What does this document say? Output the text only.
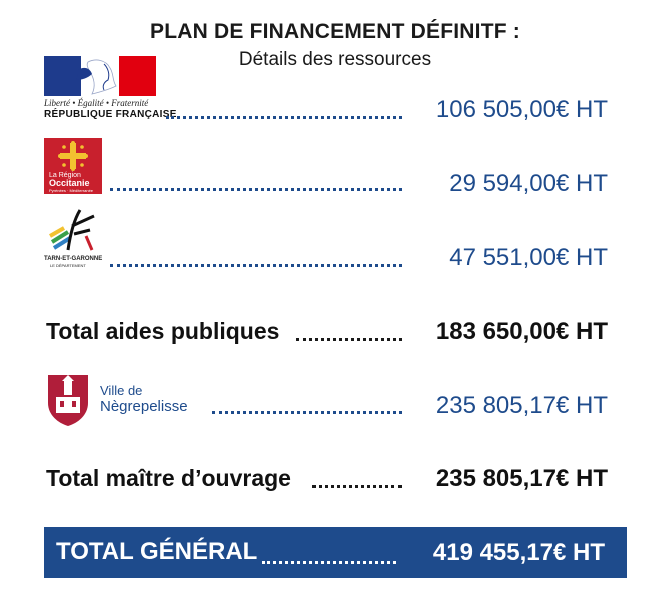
PLAN DE FINANCEMENT DÉFINITF :
Détails des ressources
Liberté • Égalité • Fraternité
RÉPUBLIQUE FRANÇAISE	106 505,00€ HT
La Région
Occitanie
Pyrénées · Méditerranée	29 594,00€ HT
TARN-ET-GARONNE
LE DÉPARTEMENT	47 551,00€ HT
Total aides publiques	183 650,00€ HT
Ville de
Nègrepelisse	235 805,17€ HT
Total maître d’ouvrage	235 805,17€ HT
TOTAL GÉNÉRAL	419 455,17€ HT
